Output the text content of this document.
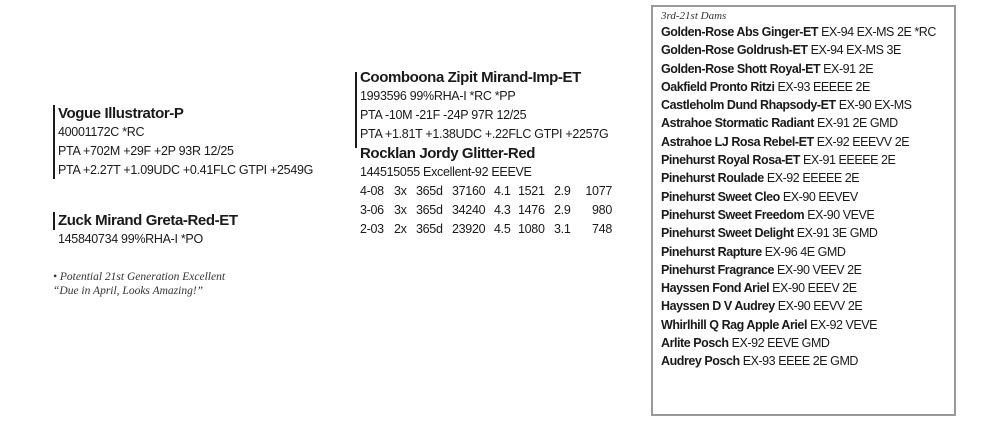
Vogue Illustrator-P
40001172C *RC
PTA +702M +29F +2P 93R 12/25
PTA +2.27T +1.09UDC +0.41FLC GTPI +2549G
Zuck Mirand Greta-Red-ET
145840734 99%RHA-I *PO
• Potential 21st Generation Excellent
“Due in April, Looks Amazing!”
Coomboona Zipit Mirand-Imp-ET
1993596 99%RHA-I *RC *PP
PTA -10M -21F -24P 97R 12/25
PTA +1.81T +1.38UDC +.22FLC GTPI +2257G
Rocklan Jordy Glitter-Red
144515055 Excellent-92 EEEVE
4-08	3x	365d	37160	4.1	1521	2.9	1077
3-06	3x	365d	34240	4.3	1476	2.9	980
2-03	2x	365d	23920	4.5	1080	3.1	748
3rd-21st Dams
Golden-Rose Abs Ginger-ET EX-94 EX-MS 2E *RC
Golden-Rose Goldrush-ET EX-94 EX-MS 3E
Golden-Rose Shott Royal-ET EX-91 2E
Oakfield Pronto Ritzi EX-93 EEEEE 2E
Castleholm Dund Rhapsody-ET EX-90 EX-MS
Astrahoe Stormatic Radiant EX-91 2E GMD
Astrahoe LJ Rosa Rebel-ET EX-92 EEEVV 2E
Pinehurst Royal Rosa-ET EX-91 EEEEE 2E
Pinehurst Roulade EX-92 EEEEE 2E
Pinehurst Sweet Cleo EX-90 EEVEV
Pinehurst Sweet Freedom EX-90 VEVE
Pinehurst Sweet Delight EX-91 3E GMD
Pinehurst Rapture EX-96 4E GMD
Pinehurst Fragrance EX-90 VEEV 2E
Hayssen Fond Ariel EX-90 EEEV 2E
Hayssen D V Audrey EX-90 EEVV 2E
Whirlhill Q Rag Apple Ariel EX-92 VEVE
Arlite Posch EX-92 EEVE GMD
Audrey Posch EX-93 EEEE 2E GMD
